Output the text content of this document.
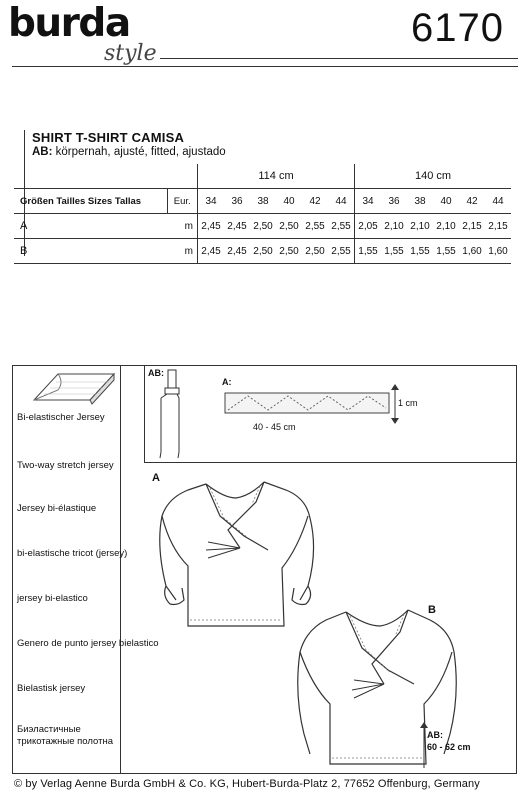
burda
style
6170
SHIRT T-SHIRT CAMISA
AB: körpernah, ajusté, fitted, ajustado
		114 cm						140 cm					
Größen Tailles Sizes Tallas	Eur.	34	36	38	40	42	44	34	36	38	40	42	44
A	m	2,45	2,45	2,50	2,50	2,55	2,55	2,05	2,10	2,10	2,10	2,15	2,15
B	m	2,45	2,45	2,50	2,50	2,50	2,55	1,55	1,55	1,55	1,55	1,60	1,60
Bi-elastischer Jersey
Two-way stretch jersey
Jersey bi-élastique
bi-elastische tricot (jersey)
jersey bi-elastico
Genero de punto jersey bielastico
Bielastisk jersey
Биэластичные трикотажные полотна
AB:
A:
1 cm
40 - 45 cm
A
B
AB:
60 - 62 cm
© by Verlag Aenne Burda GmbH & Co. KG, Hubert-Burda-Platz 2, 77652 Offenburg, Germany
